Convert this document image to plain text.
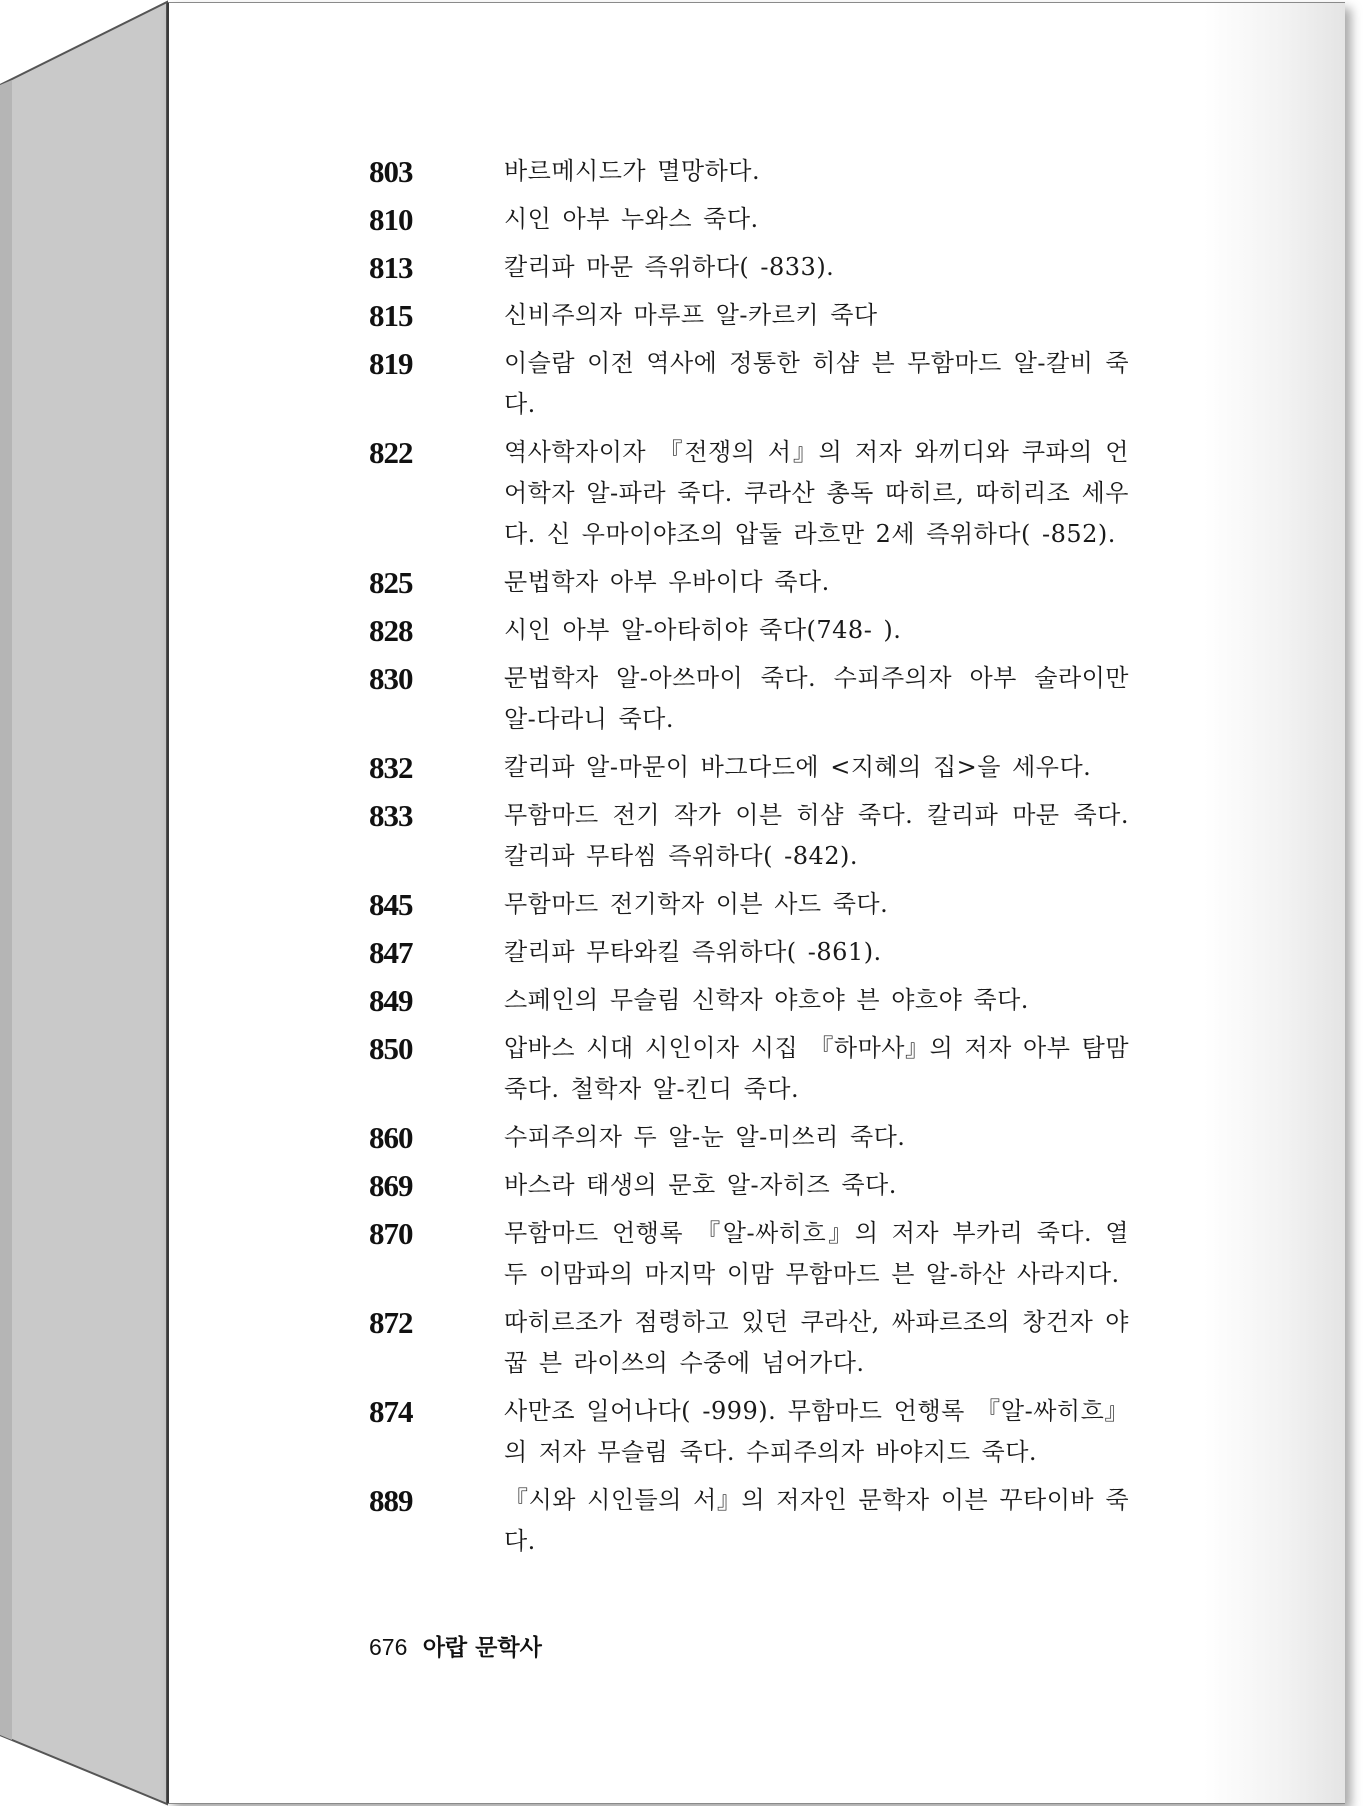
803	바르메시드가 멸망하다.
810	시인 아부 누와스 죽다.
813	칼리파 마문 즉위하다( -833).
815	신비주의자 마루프 알-카르키 죽다
819	이슬람 이전 역사에 정통한 히샴 븐 무함마드 알-칼비 죽다.
822	역사학자이자 『전쟁의 서』의 저자 와끼디와 쿠파의 언어학자 알-파라 죽다. 쿠라산 총독 따히르, 따히리조 세우다. 신 우마이야조의 압둘 라흐만 2세 즉위하다( -852).
825	문법학자 아부 우바이다 죽다.
828	시인 아부 알-아타히야 죽다(748- ).
830	문법학자 알-아쓰마이 죽다. 수피주의자 아부 술라이만 알-다라니 죽다.
832	칼리파 알-마문이 바그다드에 <지혜의 집>을 세우다.
833	무함마드 전기 작가 이븐 히샴 죽다. 칼리파 마문 죽다. 칼리파 무타씸 즉위하다( -842).
845	무함마드 전기학자 이븐 사드 죽다.
847	칼리파 무타와킬 즉위하다( -861).
849	스페인의 무슬림 신학자 야흐야 븐 야흐야 죽다.
850	압바스 시대 시인이자 시집 『하마사』의 저자 아부 탐맘 죽다. 철학자 알-킨디 죽다.
860	수피주의자 두 알-눈 알-미쓰리 죽다.
869	바스라 태생의 문호 알-자히즈 죽다.
870	무함마드 언행록 『알-싸히흐』의 저자 부카리 죽다. 열두 이맘파의 마지막 이맘 무함마드 븐 알-하산 사라지다.
872	따히르조가 점령하고 있던 쿠라산, 싸파르조의 창건자 야꿉 븐 라이쓰의 수중에 넘어가다.
874	사만조 일어나다( -999). 무함마드 언행록 『알-싸히흐』의 저자 무슬림 죽다. 수피주의자 바야지드 죽다.
889	『시와 시인들의 서』의 저자인 문학자 이븐 꾸타이바 죽다.
676 아랍 문학사
